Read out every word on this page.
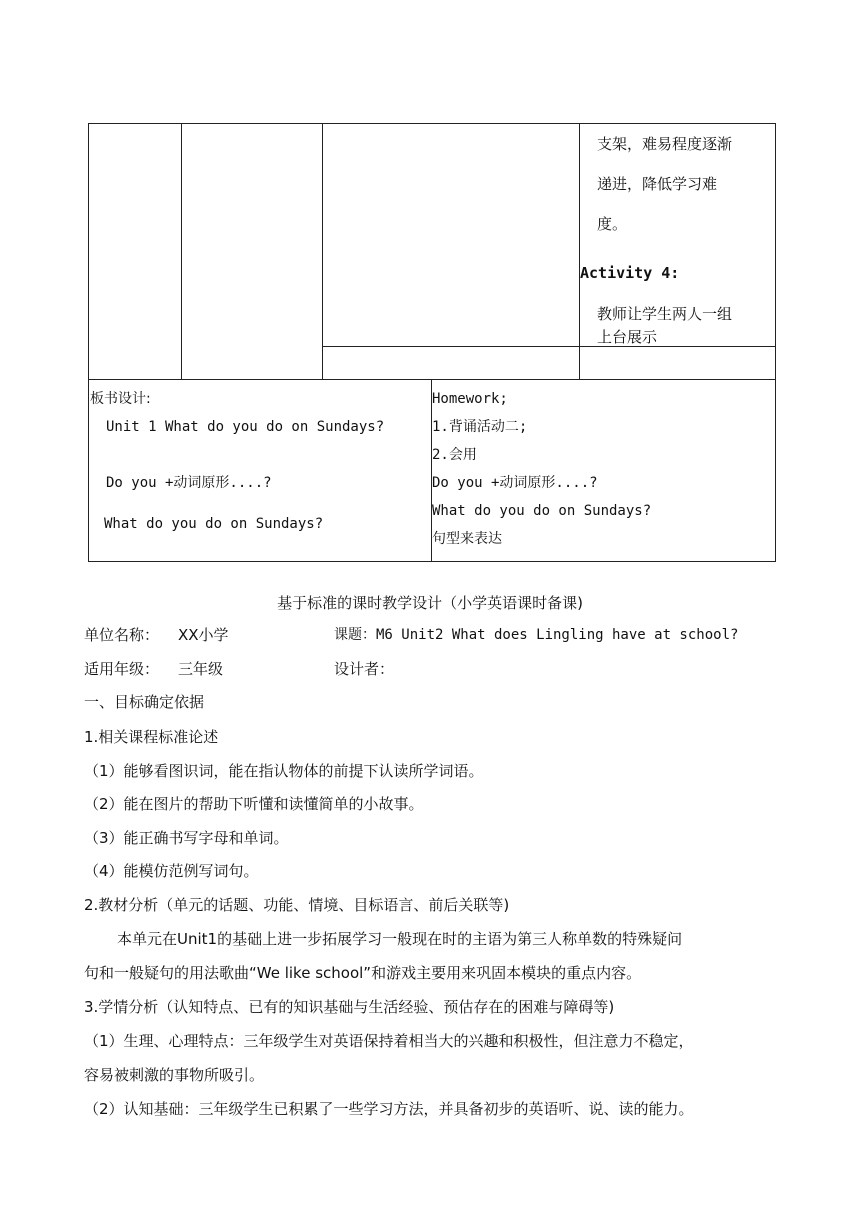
支架，难易程度逐渐
递进，降低学习难
度。
Activity 4:
教师让学生两人一组
上台展示
板书设计:
Unit 1 What do you do on Sundays?
Do you +动词原形....?
What do you do on Sundays?
Homework;
1.背诵活动二;
2.会用
Do you +动词原形....?
What do you do on Sundays?
句型来表达
基于标准的课时教学设计（小学英语课时备课)
单位名称： XX小学	课题：M6 Unit2 What does Lingling have at school?
适用年级： 三年级	设计者：
一、目标确定依据
1.相关课程标准论述
（1）能够看图识词，能在指认物体的前提下认读所学词语。
（2）能在图片的帮助下听懂和读懂简单的小故事。
（3）能正确书写字母和单词。
（4）能模仿范例写词句。
2.教材分析（单元的话题、功能、情境、目标语言、前后关联等)
本单元在Unit1的基础上进一步拓展学习一般现在时的主语为第三人称单数的特殊疑问
句和一般疑句的用法歌曲“We like school”和游戏主要用来巩固本模块的重点内容。
3.学情分析（认知特点、已有的知识基础与生活经验、预估存在的困难与障碍等)
（1）生理、心理特点：三年级学生对英语保持着相当大的兴趣和积极性，但注意力不稳定，
容易被刺激的事物所吸引。
（2）认知基础：三年级学生已积累了一些学习方法，并具备初步的英语听、说、读的能力。
